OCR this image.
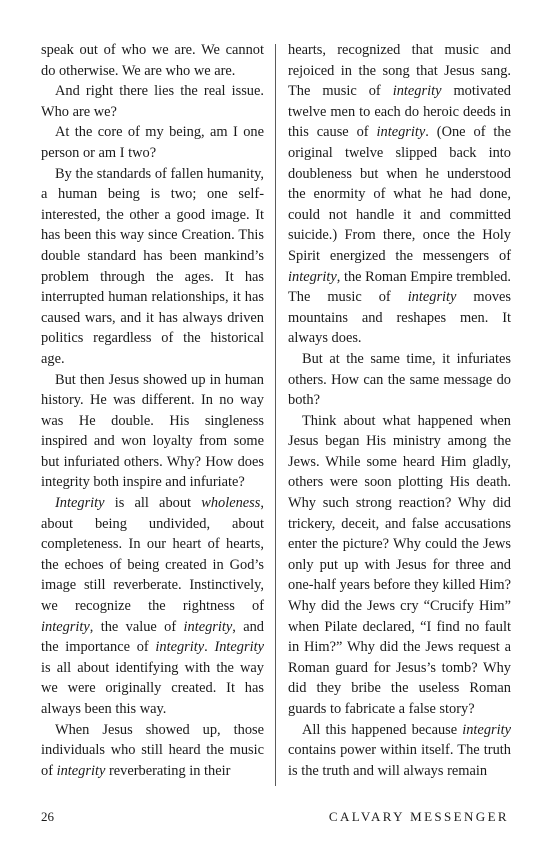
speak out of who we are. We cannot do otherwise. We are who we are.

And right there lies the real issue. Who are we?

At the core of my being, am I one person or am I two?

By the standards of fallen humanity, a human being is two; one self-interested, the other a good image. It has been this way since Creation. This double standard has been mankind’s problem through the ages. It has interrupted human relationships, it has caused wars, and it has always driven politics regardless of the historical age.

But then Jesus showed up in human history. He was different. In no way was He double. His singleness inspired and won loyalty from some but infuriated others. Why? How does integrity both inspire and infuriate?

Integrity is all about wholeness, about being undivided, about completeness. In our heart of hearts, the echoes of being created in God’s image still reverberate. Instinctively, we recognize the rightness of integrity, the value of integrity, and the importance of integrity. Integrity is all about identifying with the way we were originally created. It has always been this way.

When Jesus showed up, those individuals who still heard the music of integrity reverberating in their

hearts, recognized that music and rejoiced in the song that Jesus sang. The music of integrity motivated twelve men to each do heroic deeds in this cause of integrity. (One of the original twelve slipped back into doubleness but when he understood the enormity of what he had done, could not handle it and committed suicide.) From there, once the Holy Spirit energized the messengers of integrity, the Roman Empire trembled. The music of integrity moves mountains and reshapes men. It always does.

But at the same time, it infuriates others. How can the same message do both?

Think about what happened when Jesus began His ministry among the Jews. While some heard Him gladly, others were soon plotting His death. Why such strong reaction? Why did trickery, deceit, and false accusations enter the picture? Why could the Jews only put up with Jesus for three and one-half years before they killed Him? Why did the Jews cry “Crucify Him” when Pilate declared, “I find no fault in Him?” Why did the Jews request a Roman guard for Jesus’s tomb? Why did they bribe the useless Roman guards to fabricate a false story?

All this happened because integrity contains power within itself. The truth is the truth and will always remain

26	CALVARY MESSENGER
